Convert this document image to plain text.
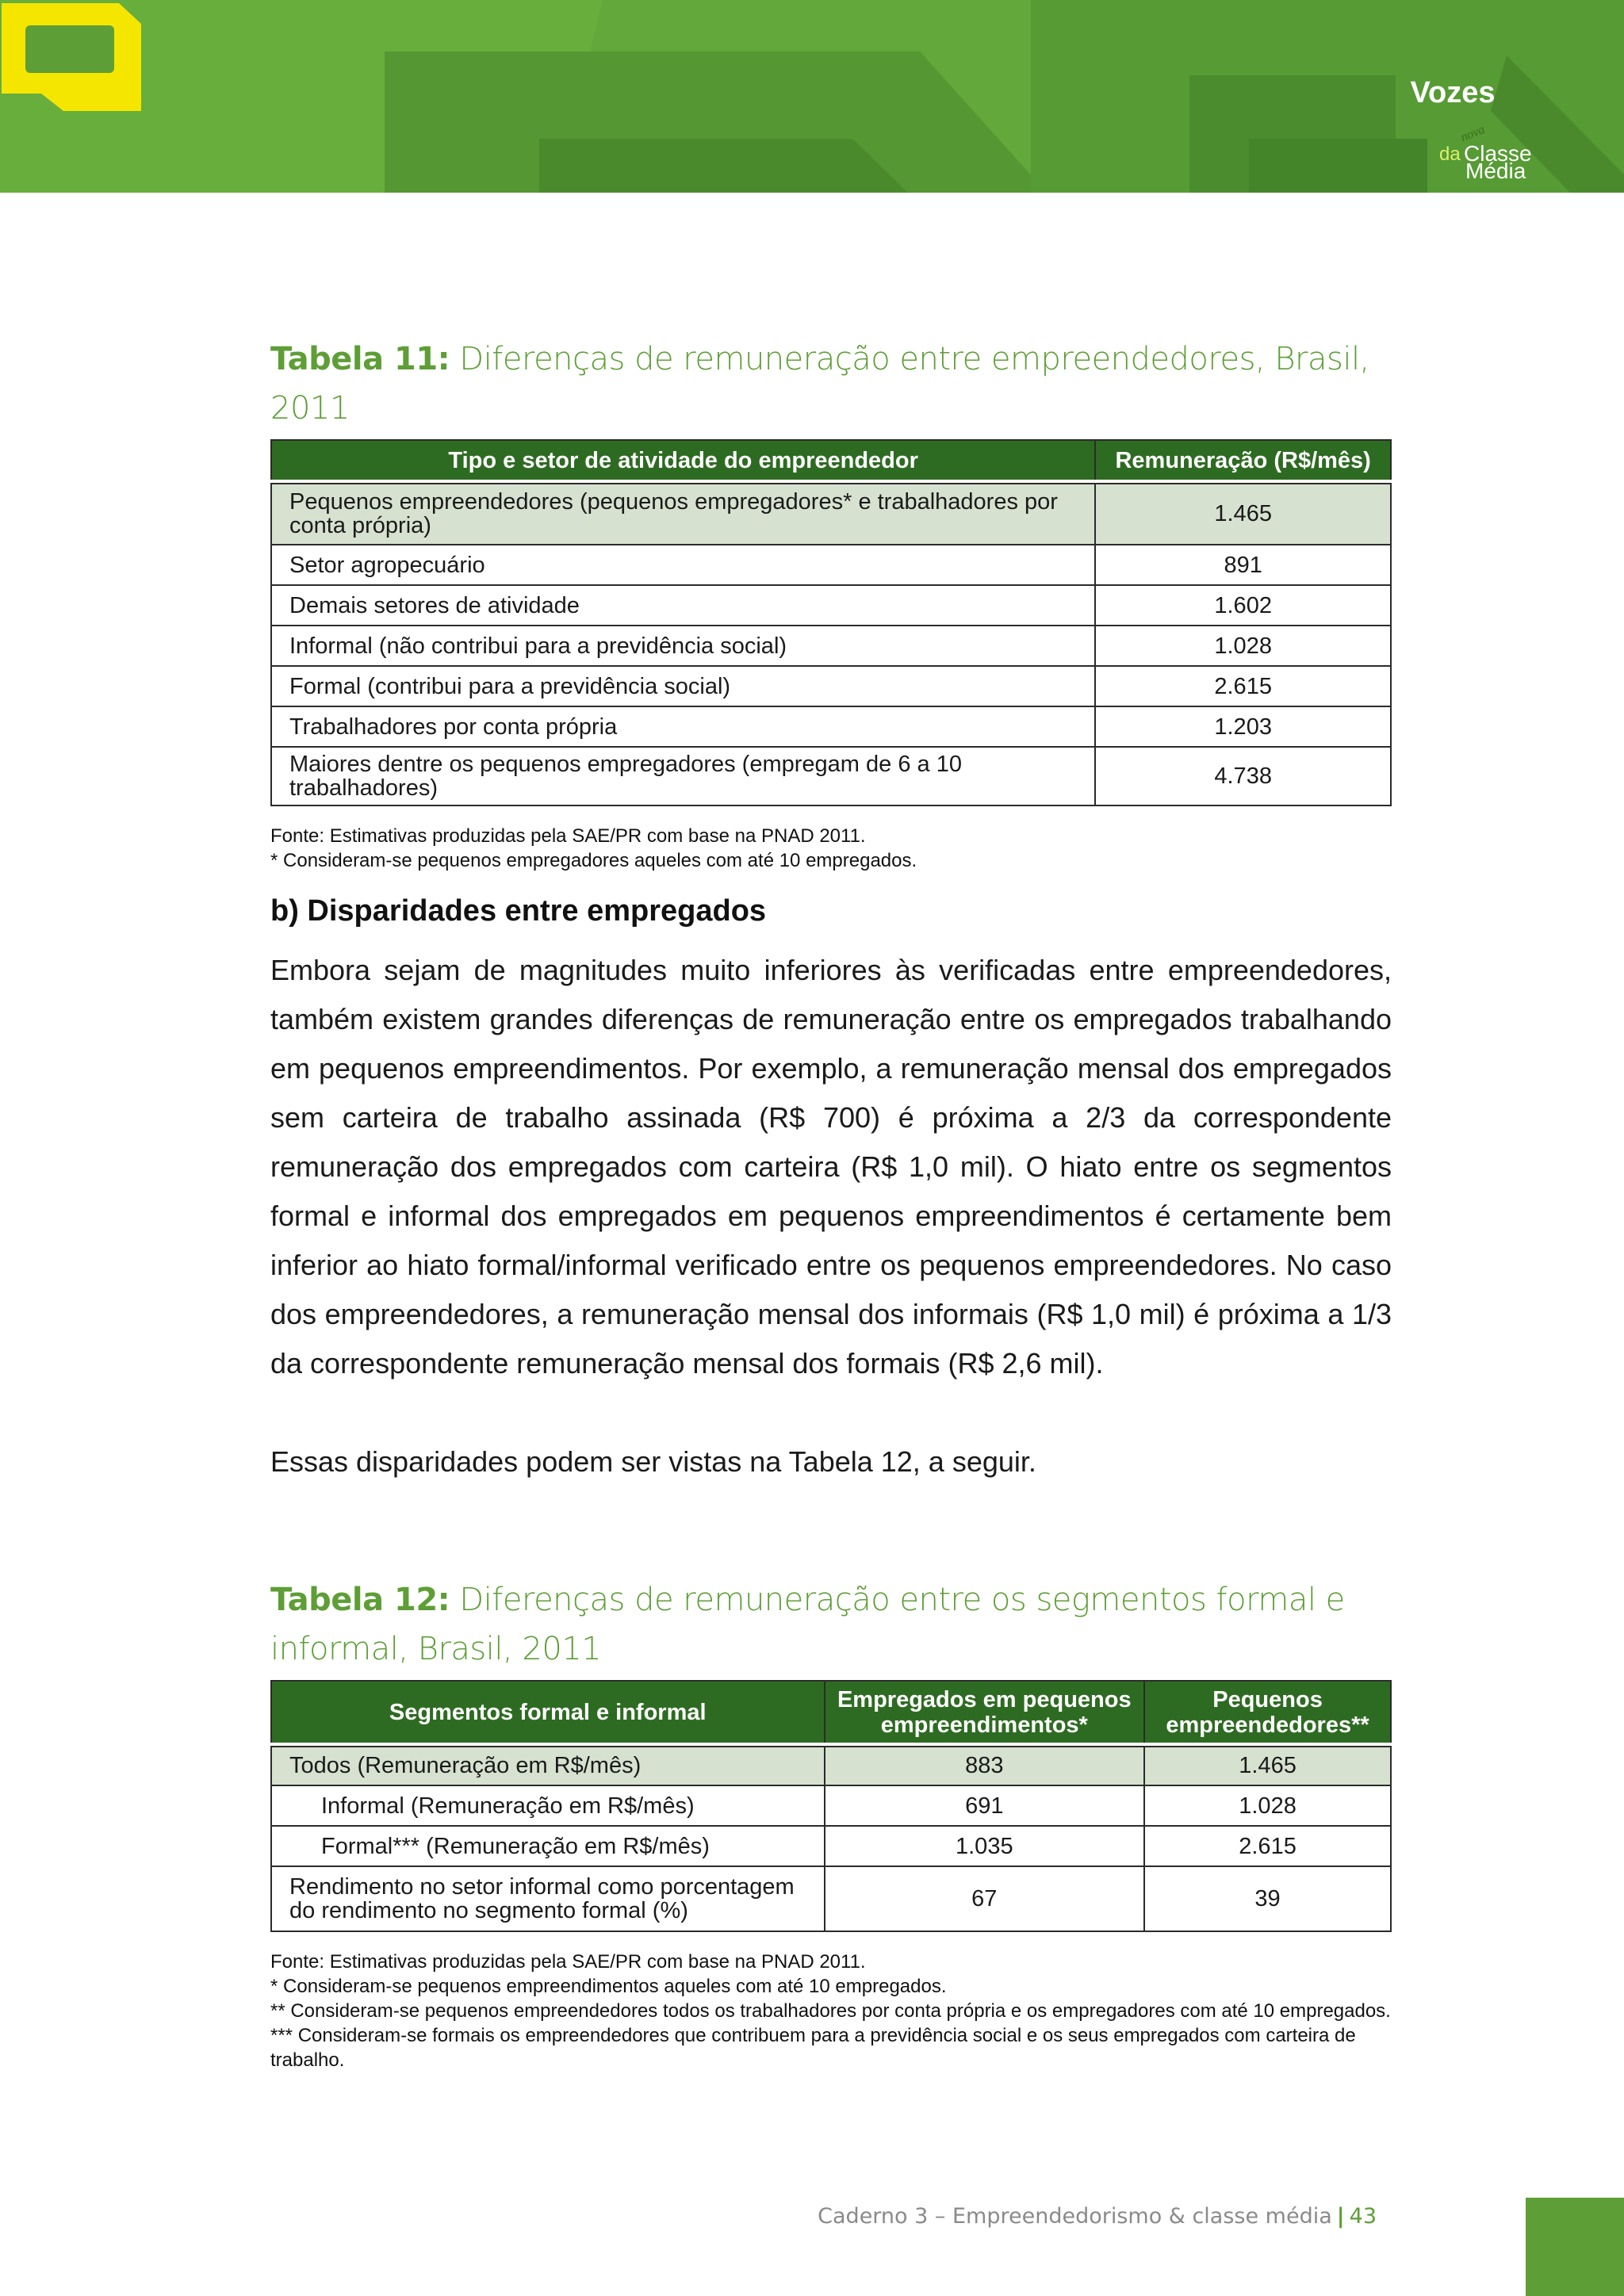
Vozes
nova
da Classe
Média
Tabela 11: Diferenças de remuneração entre empreendedores, Brasil, 2011
Tipo e setor de atividade do empreendedor	Remuneração (R$/mês)
Pequenos empreendedores (pequenos empregadores* e trabalhadores por conta própria)	1.465
Setor agropecuário	891
Demais setores de atividade	1.602
Informal (não contribui para a previdência social)	1.028
Formal (contribui para a previdência social)	2.615
Trabalhadores por conta própria	1.203
Maiores dentre os pequenos empregadores (empregam de 6 a 10 trabalhadores)	4.738
Fonte: Estimativas produzidas pela SAE/PR com base na PNAD 2011.
* Consideram-se pequenos empregadores aqueles com até 10 empregados.
b) Disparidades entre empregados

Embora sejam de magnitudes muito inferiores às verificadas entre empreendedores, também existem grandes diferenças de remuneração entre os empregados trabalhando em pequenos empreendimentos. Por exemplo, a remuneração mensal dos empregados sem carteira de trabalho assinada (R$ 700) é próxima a 2/3 da correspondente remuneração dos empregados com carteira (R$ 1,0 mil). O hiato entre os segmentos formal e informal dos empregados em pequenos empreendimentos é certamente bem inferior ao hiato formal/informal verificado entre os pequenos empreendedores. No caso dos empreendedores, a remuneração mensal dos informais (R$ 1,0 mil) é próxima a 1/3 da correspondente remuneração mensal dos formais (R$ 2,6 mil).

Essas disparidades podem ser vistas na Tabela 12, a seguir.

Tabela 12: Diferenças de remuneração entre os segmentos formal e informal, Brasil, 2011
Segmentos formal e informal	Empregados em pequenos empreendimentos*	Pequenos empreendedores**
Todos (Remuneração em R$/mês)	883	1.465
Informal (Remuneração em R$/mês)	691	1.028
Formal*** (Remuneração em R$/mês)	1.035	2.615
Rendimento no setor informal como porcentagem do rendimento no segmento formal (%)	67	39
Fonte: Estimativas produzidas pela SAE/PR com base na PNAD 2011.
* Consideram-se pequenos empreendimentos aqueles com até 10 empregados.
** Consideram-se pequenos empreendedores todos os trabalhadores por conta própria e os empregadores com até 10 empregados.
*** Consideram-se formais os empreendedores que contribuem para a previdência social e os seus empregados com carteira de trabalho.
Caderno 3 – Empreendedorismo & classe média | 43
